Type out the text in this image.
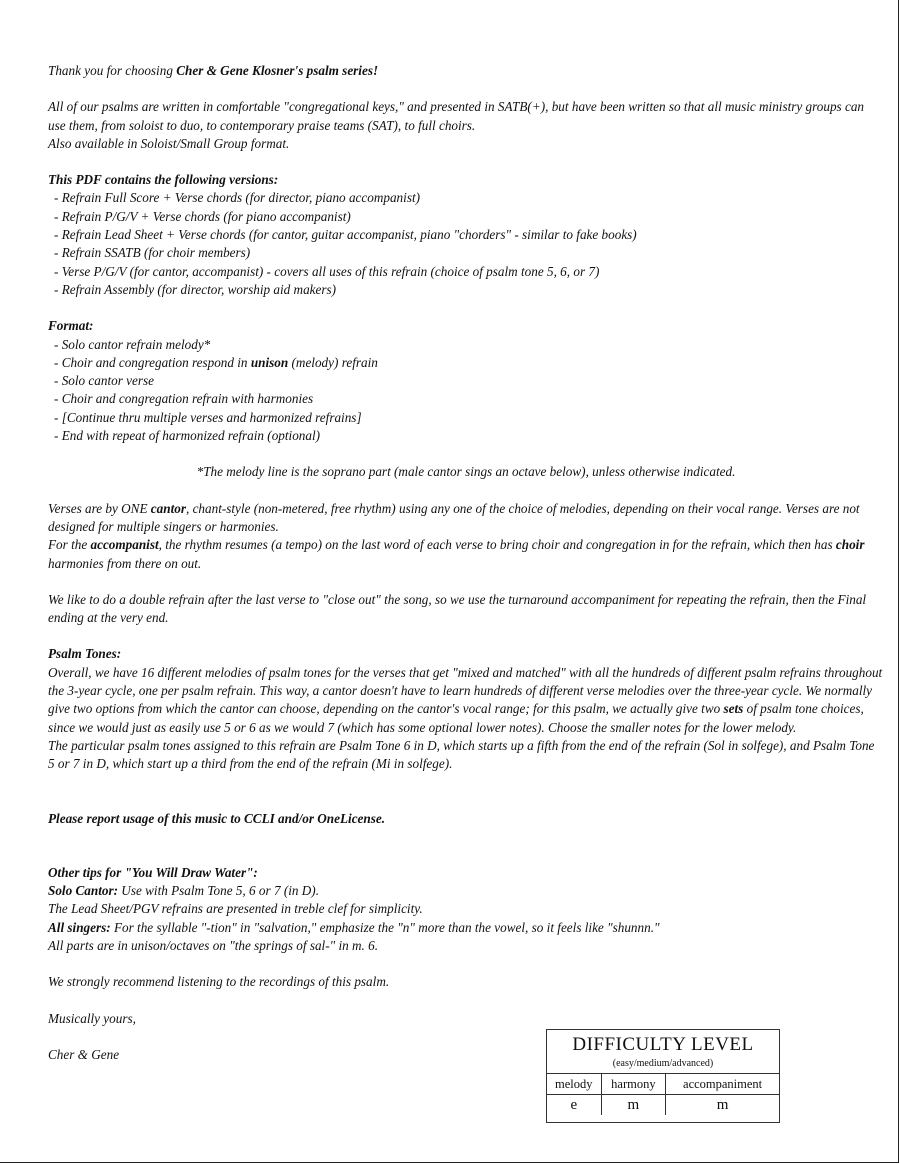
Thank you for choosing Cher & Gene Klosner's psalm series!

All of our psalms are written in comfortable "congregational keys," and presented in SATB(+), but have been written so that all music ministry groups can use them, from soloist to duo, to contemporary praise teams (SAT), to full choirs.

Also available in Soloist/Small Group format.

This PDF contains the following versions:

- Refrain Full Score + Verse chords (for director, piano accompanist)
- Refrain P/G/V + Verse chords (for piano accompanist)
- Refrain Lead Sheet + Verse chords (for cantor, guitar accompanist, piano "chorders" - similar to fake books)
- Refrain SSATB (for choir members)
- Verse P/G/V (for cantor, accompanist) - covers all uses of this refrain (choice of psalm tone 5, 6, or 7)
- Refrain Assembly (for director, worship aid makers)

Format:

- Solo cantor refrain melody*
- Choir and congregation respond in unison (melody) refrain
- Solo cantor verse
- Choir and congregation refrain with harmonies
- [Continue thru multiple verses and harmonized refrains]
- End with repeat of harmonized refrain (optional)

*The melody line is the soprano part (male cantor sings an octave below), unless otherwise indicated.

Verses are by ONE cantor, chant-style (non-metered, free rhythm) using any one of the choice of melodies, depending on their vocal range. Verses are not designed for multiple singers or harmonies.

For the accompanist, the rhythm resumes (a tempo) on the last word of each verse to bring choir and congregation in for the refrain, which then has choir harmonies from there on out.

We like to do a double refrain after the last verse to "close out" the song, so we use the turnaround accompaniment for repeating the refrain, then the Final ending at the very end.

Psalm Tones:

Overall, we have 16 different melodies of psalm tones for the verses that get "mixed and matched" with all the hundreds of different psalm refrains throughout the 3-year cycle, one per psalm refrain. This way, a cantor doesn't have to learn hundreds of different verse melodies over the three-year cycle. We normally give two options from which the cantor can choose, depending on the cantor's vocal range; for this psalm, we actually give two sets of psalm tone choices, since we would just as easily use 5 or 6 as we would 7 (which has some optional lower notes). Choose the smaller notes for the lower melody.

The particular psalm tones assigned to this refrain are Psalm Tone 6 in D, which starts up a fifth from the end of the refrain (Sol in solfege), and Psalm Tone 5 or 7 in D, which start up a third from the end of the refrain (Mi in solfege).

Please report usage of this music to CCLI and/or OneLicense.

Other tips for "You Will Draw Water":

Solo Cantor: Use with Psalm Tone 5, 6 or 7 (in D).

The Lead Sheet/PGV refrains are presented in treble clef for simplicity.

All singers: For the syllable "-tion" in "salvation," emphasize the "n" more than the vowel, so it feels like "shunnn."

All parts are in unison/octaves on "the springs of sal-" in m. 6.

We strongly recommend listening to the recordings of this psalm.

Musically yours,

Cher & Gene	DIFFICULTY LEVEL
(easy/medium/advanced)
melody	harmony	accompaniment
e	m	m
